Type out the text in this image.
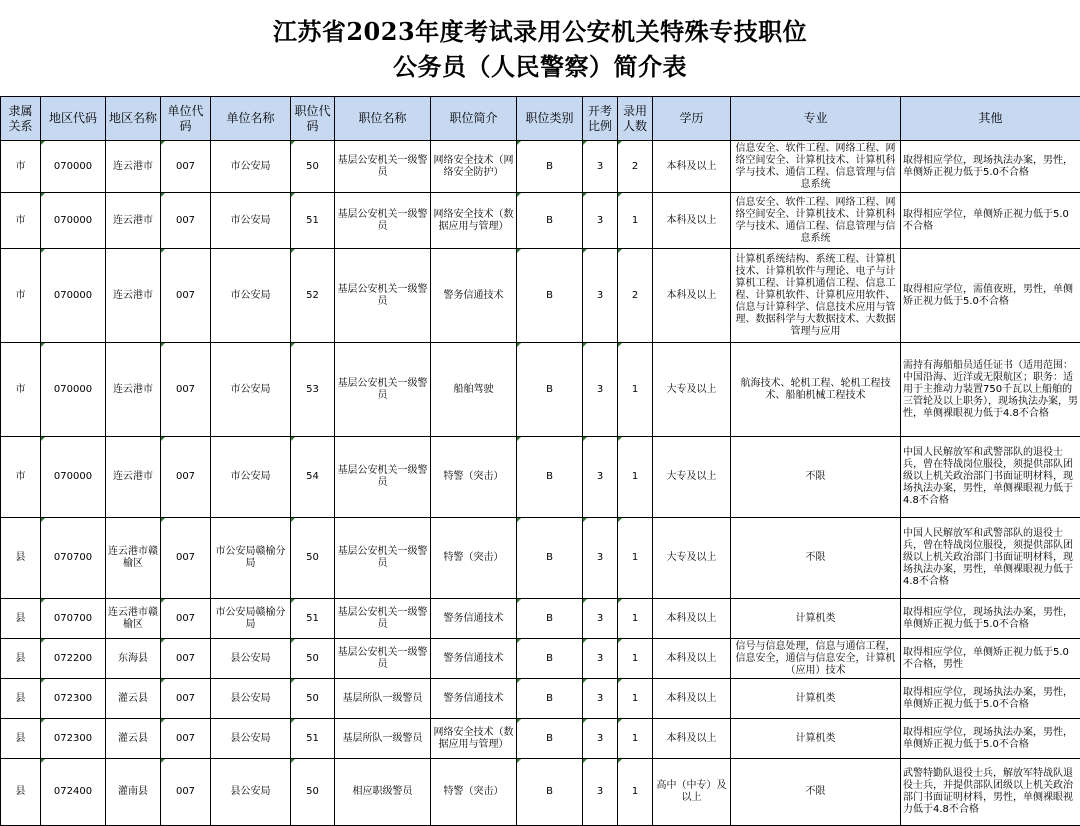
江苏省2023年度考试录用公安机关特殊专技职位
公务员（人民警察）简介表
隶属关系	地区代码	地区名称	单位代码	单位名称	职位代码	职位名称	职位简介	职位类别	开考比例	录用人数	学历	专业	其他
市	070000	连云港市	007	市公安局	50	基层公安机关一级警员	网络安全技术（网络安全防护）	B	3	2	本科及以上	信息安全、软件工程、网络工程、网络空间安全、计算机技术、计算机科学与技术、通信工程、信息管理与信息系统	取得相应学位，现场执法办案，男性，单侧矫正视力低于5.0不合格
市	070000	连云港市	007	市公安局	51	基层公安机关一级警员	网络安全技术（数据应用与管理）	B	3	1	本科及以上	信息安全、软件工程、网络工程、网络空间安全、计算机技术、计算机科学与技术、通信工程、信息管理与信息系统	取得相应学位，单侧矫正视力低于5.0不合格
市	070000	连云港市	007	市公安局	52	基层公安机关一级警员	警务信通技术	B	3	2	本科及以上	计算机系统结构、系统工程、计算机技术、计算机软件与理论、电子与计算机工程、计算机通信工程、信息工程、计算机软件、计算机应用软件、信息与计算科学、信息技术应用与管理、数据科学与大数据技术、大数据管理与应用	取得相应学位，需值夜班，男性，单侧矫正视力低于5.0不合格
市	070000	连云港市	007	市公安局	53	基层公安机关一级警员	船舶驾驶	B	3	1	大专及以上	航海技术、轮机工程、轮机工程技术、船舶机械工程技术	需持有海船船员适任证书（适用范围：中国沿海、近洋或无限航区；职务：适用于主推动力装置750千瓦以上船舶的三管轮及以上职务），现场执法办案，男性，单侧裸眼视力低于4.8不合格
市	070000	连云港市	007	市公安局	54	基层公安机关一级警员	特警（突击）	B	3	1	大专及以上	不限	中国人民解放军和武警部队的退役士兵，曾在特战岗位服役，须提供部队团级以上机关政治部门书面证明材料，现场执法办案，男性，单侧裸眼视力低于4.8不合格
县	070700	连云港市赣榆区	007	市公安局赣榆分局	50	基层公安机关一级警员	特警（突击）	B	3	1	大专及以上	不限	中国人民解放军和武警部队的退役士兵，曾在特战岗位服役，须提供部队团级以上机关政治部门书面证明材料，现场执法办案，男性，单侧裸眼视力低于4.8不合格
县	070700	连云港市赣榆区	007	市公安局赣榆分局	51	基层公安机关一级警员	警务信通技术	B	3	1	本科及以上	计算机类	取得相应学位，现场执法办案，男性，单侧矫正视力低于5.0不合格
县	072200	东海县	007	县公安局	50	基层公安机关一级警员	警务信通技术	B	3	1	本科及以上	信号与信息处理，信息与通信工程，信息安全，通信与信息安全，计算机（应用）技术	取得相应学位，单侧矫正视力低于5.0不合格，男性
县	072300	灌云县	007	县公安局	50	基层所队一级警员	警务信通技术	B	3	1	本科及以上	计算机类	取得相应学位，现场执法办案，男性，单侧矫正视力低于5.0不合格
县	072300	灌云县	007	县公安局	51	基层所队一级警员	网络安全技术（数据应用与管理）	B	3	1	本科及以上	计算机类	取得相应学位，现场执法办案，男性，单侧矫正视力低于5.0不合格
县	072400	灌南县	007	县公安局	50	相应职级警员	特警（突击）	B	3	1	高中（中专）及以上	不限	武警特勤队退役士兵，解放军特战队退役士兵，并提供部队团级以上机关政治部门书面证明材料，男性，单侧裸眼视力低于4.8不合格
